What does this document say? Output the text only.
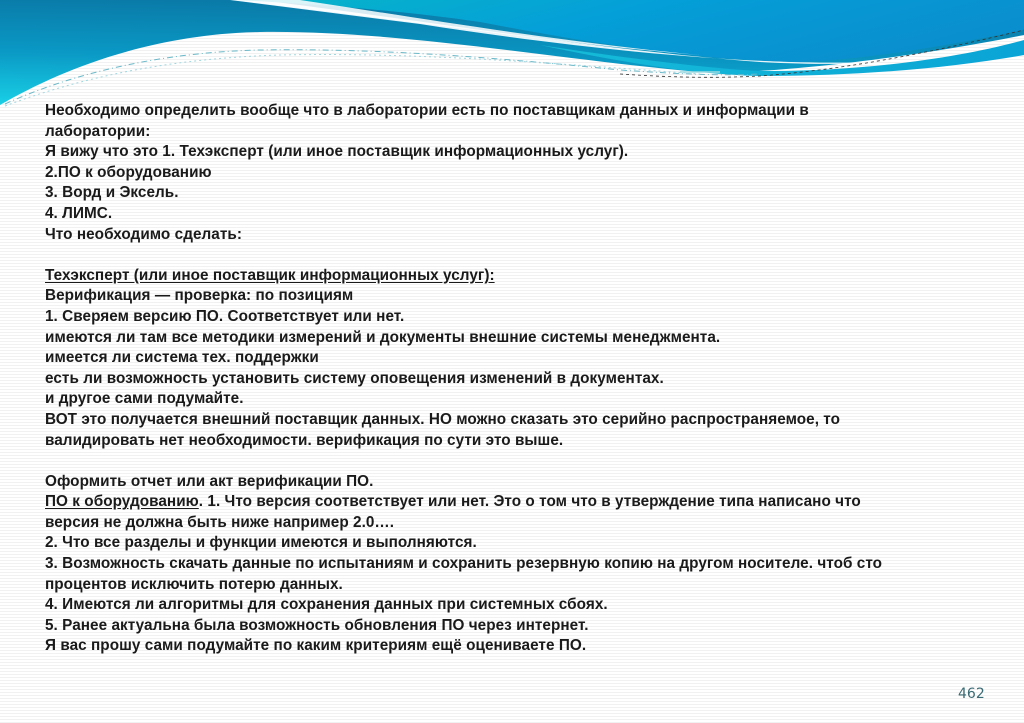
Необходимо определить вообще что в лаборатории есть по поставщикам данных и информации в
лаборатории:
Я вижу что это 1. Техэксперт (или иное поставщик информационных услуг).
2.ПО к оборудованию
3. Ворд и Эксель.
4. ЛИМС.
Что необходимо сделать:
Техэксперт (или иное поставщик информационных услуг):
Верификация — проверка: по позициям
1. Сверяем версию ПО. Соответствует или нет.
имеются ли там все методики измерений и документы внешние системы менеджмента.
имеется ли система тех. поддержки
есть ли возможность установить систему оповещения изменений в документах.
и другое сами подумайте.
ВОТ это получается внешний поставщик данных. НО можно сказать это серийно распространяемое, то
валидировать нет необходимости. верификация по сути это выше.
Оформить отчет или акт верификации ПО.
ПО к оборудованию. 1. Что версия соответствует или нет. Это о том что в утверждение типа написано что
версия не должна быть ниже например 2.0….
2. Что все разделы и функции имеются и выполняются.
3. Возможность скачать данные по испытаниям и сохранить резервную копию на другом носителе. чтоб сто
процентов исключить потерю данных.
4. Имеются ли алгоритмы для сохранения данных при системных сбоях.
5. Ранее актуальна была возможность обновления ПО через интернет.
Я вас прошу сами подумайте по каким критериям ещё оцениваете ПО.
462
